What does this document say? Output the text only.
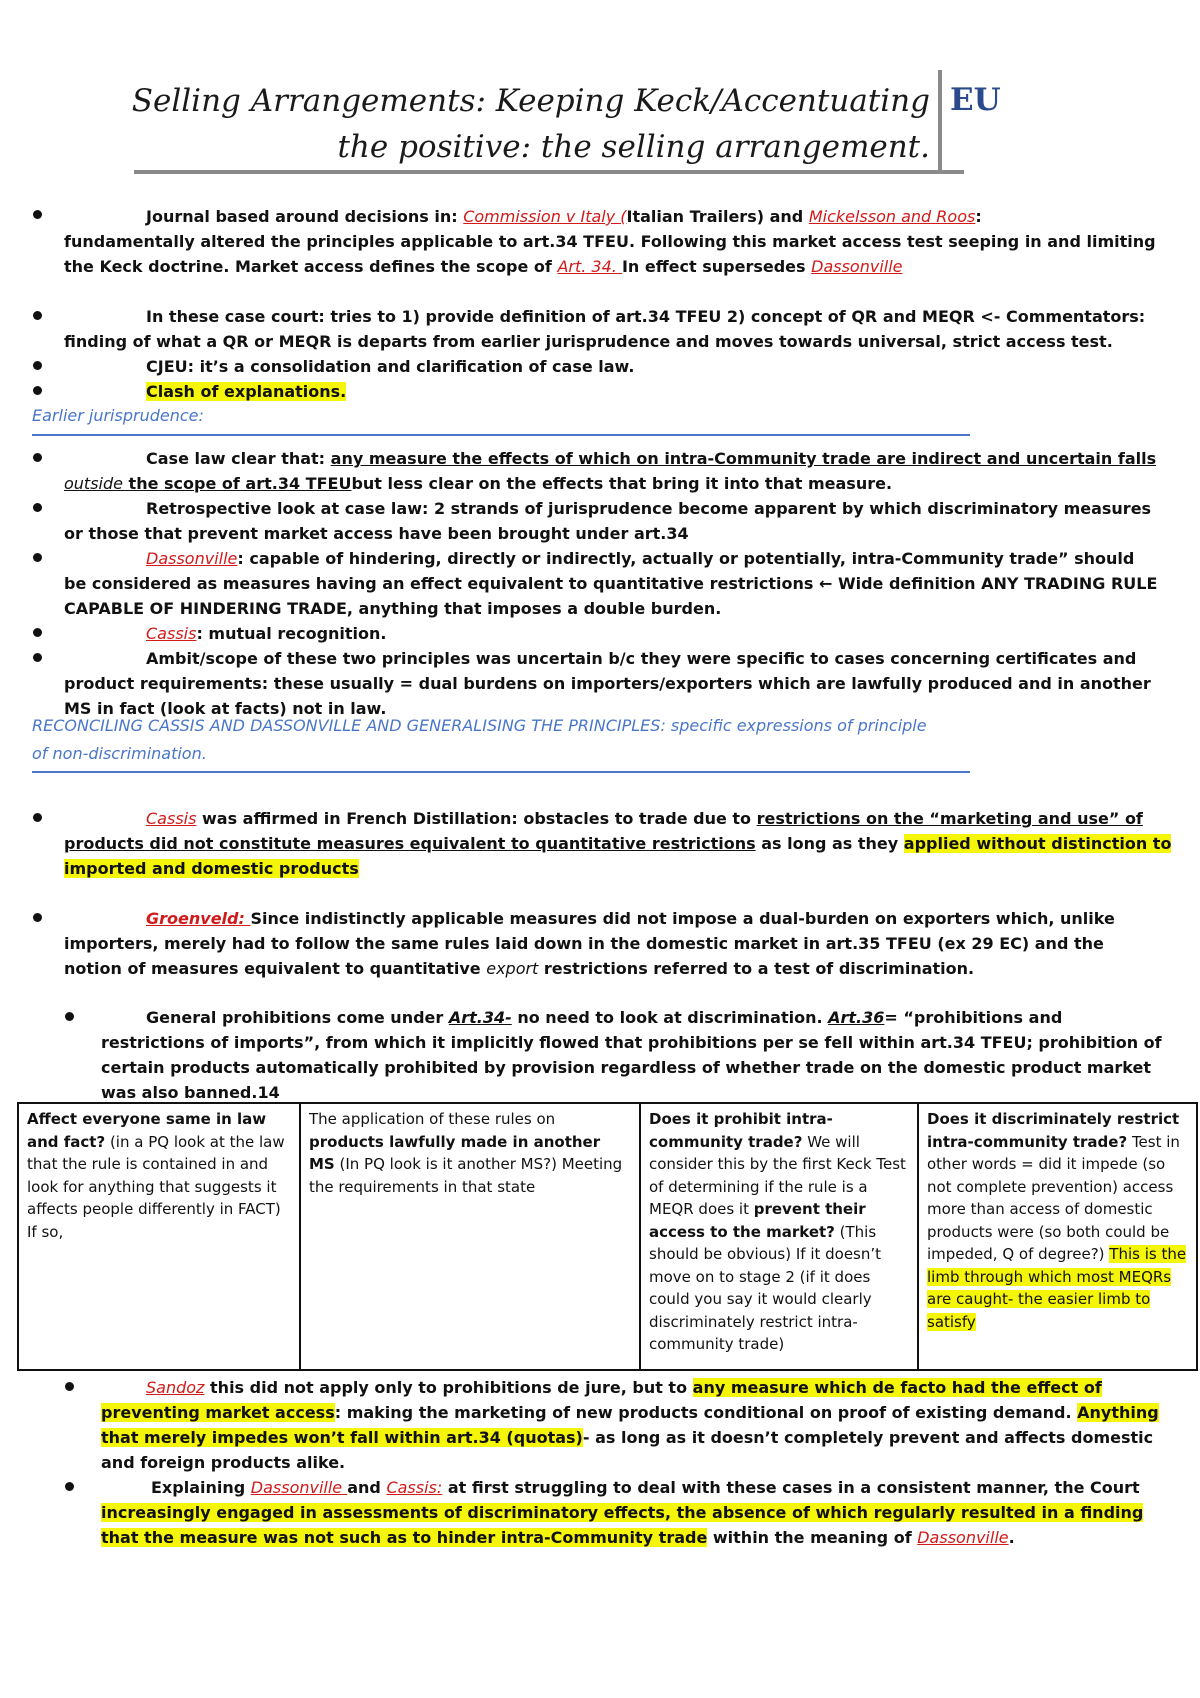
Selling Arrangements: Keeping Keck/Accentuating
the positive: the selling arrangement.
EU
Journal based around decisions in: Commission v Italy (Italian Trailers) and Mickelsson and Roos:
fundamentally altered the principles applicable to art.34 TFEU. Following this market access test seeping in and limiting
the Keck doctrine. Market access defines the scope of Art. 34. In effect supersedes Dassonville
In these case court: tries to 1) provide definition of art.34 TFEU 2) concept of QR and MEQR <- Commentators:
finding of what a QR or MEQR is departs from earlier jurisprudence and moves towards universal, strict access test.
CJEU: it’s a consolidation and clarification of case law.
Clash of explanations.
Earlier jurisprudence:
Case law clear that: any measure the effects of which on intra-Community trade are indirect and uncertain falls
outside the scope of art.34 TFEUbut less clear on the effects that bring it into that measure.
Retrospective look at case law: 2 strands of jurisprudence become apparent by which discriminatory measures
or those that prevent market access have been brought under art.34
Dassonville: capable of hindering, directly or indirectly, actually or potentially, intra-Community trade” should
be considered as measures having an effect equivalent to quantitative restrictions ← Wide definition ANY TRADING RULE
CAPABLE OF HINDERING TRADE, anything that imposes a double burden.
Cassis: mutual recognition.
Ambit/scope of these two principles was uncertain b/c they were specific to cases concerning certificates and
product requirements: these usually = dual burdens on importers/exporters which are lawfully produced and in another
MS in fact (look at facts) not in law.
RECONCILING CASSIS AND DASSONVILLE AND GENERALISING THE PRINCIPLES: specific expressions of principle
of non-discrimination.
Cassis was affirmed in French Distillation: obstacles to trade due to restrictions on the “marketing and use” of
products did not constitute measures equivalent to quantitative restrictions as long as they applied without distinction to
imported and domestic products
Groenveld: Since indistinctly applicable measures did not impose a dual-burden on exporters which, unlike
importers, merely had to follow the same rules laid down in the domestic market in art.35 TFEU (ex 29 EC) and the
notion of measures equivalent to quantitative export restrictions referred to a test of discrimination.
General prohibitions come under Art.34- no need to look at discrimination. Art.36= “prohibitions and
restrictions of imports”, from which it implicitly flowed that prohibitions per se fell within art.34 TFEU; prohibition of
certain products automatically prohibited by provision regardless of whether trade on the domestic product market
was also banned.14
Affect everyone same in law and fact? (in a PQ look at the law that the rule is contained in and look for anything that suggests it affects people differently in FACT) If so,
The application of these rules on products lawfully made in another MS (In PQ look is it another MS?) Meeting the requirements in that state
Does it prohibit intra-community trade? We will consider this by the first Keck Test of determining if the rule is a MEQR does it prevent their access to the market? (This should be obvious) If it doesn’t move on to stage 2 (if it does could you say it would clearly discriminately restrict intra-community trade)
Does it discriminately restrict intra-community trade? Test in other words = did it impede (so not complete prevention) access more than access of domestic products were (so both could be impeded, Q of degree?) This is the limb through which most MEQRs are caught- the easier limb to satisfy
Sandoz this did not apply only to prohibitions de jure, but to any measure which de facto had the effect of
preventing market access: making the marketing of new products conditional on proof of existing demand. Anything
that merely impedes won’t fall within art.34 (quotas)- as long as it doesn’t completely prevent and affects domestic
and foreign products alike.
Explaining Dassonville and Cassis: at first struggling to deal with these cases in a consistent manner, the Court
increasingly engaged in assessments of discriminatory effects, the absence of which regularly resulted in a finding
that the measure was not such as to hinder intra-Community trade within the meaning of Dassonville.
